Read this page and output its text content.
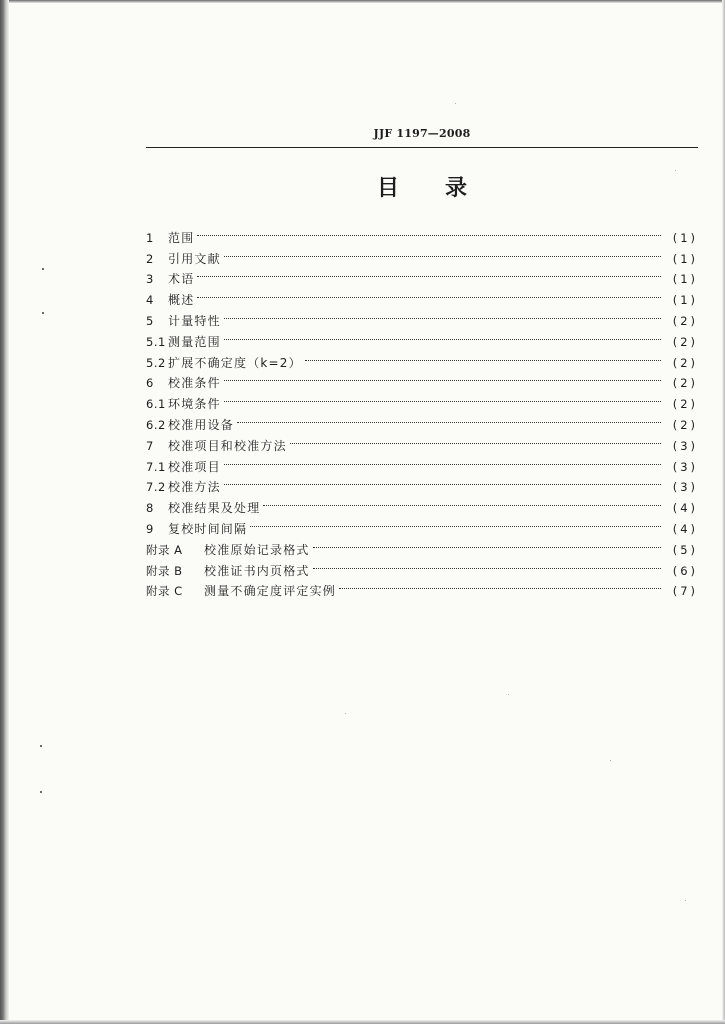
JJF 1197—2008
目录
1	范围	(1)
2	引用文献	(1)
3	术语	(1)
4	概述	(1)
5	计量特性	(2)
5.1 测量范围	(2)
5.2 扩展不确定度（k=2）	(2)
6	校准条件	(2)
6.1 环境条件	(2)
6.2 校准用设备	(2)
7	校准项目和校准方法	(3)
7.1 校准项目	(3)
7.2 校准方法	(3)
8	校准结果及处理	(4)
9	复校时间间隔	(4)
附录 A	校准原始记录格式	(5)
附录 B	校准证书内页格式	(6)
附录 C	测量不确定度评定实例	(7)
